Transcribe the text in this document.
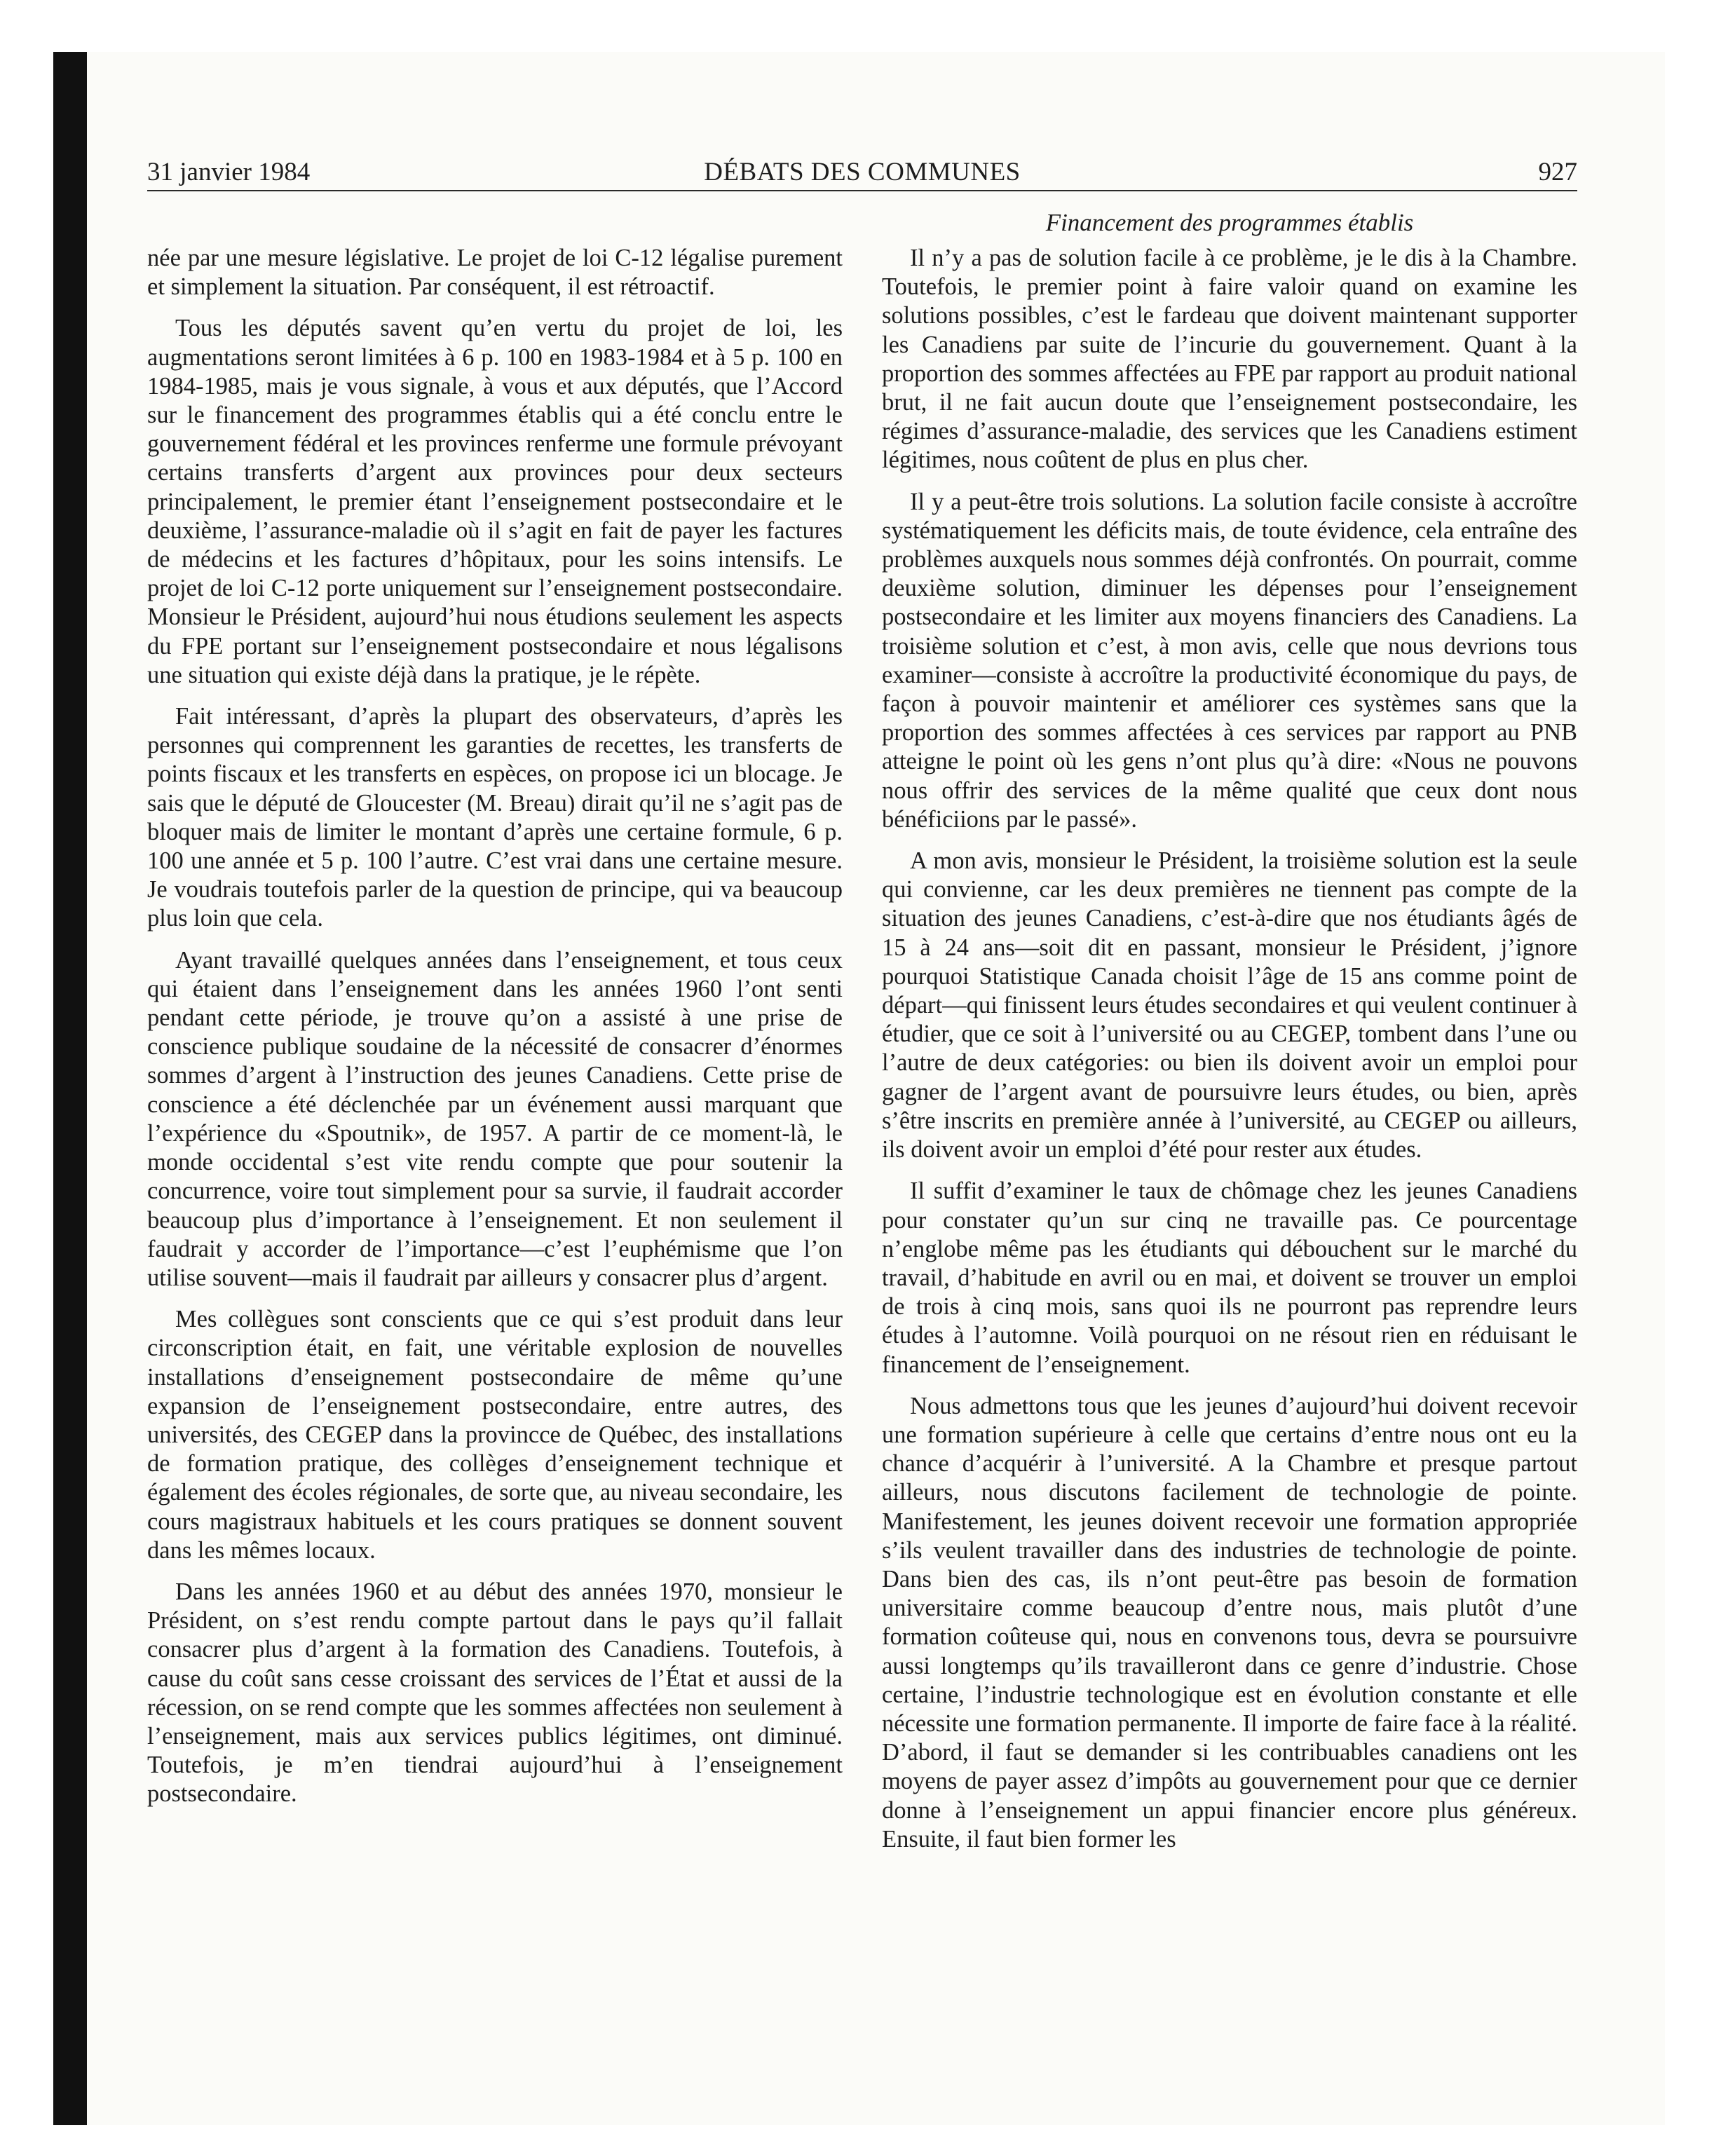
31 janvier 1984	DÉBATS DES COMMUNES	927
Financement des programmes établis

née par une mesure législative. Le projet de loi C-12 légalise purement et simplement la situation. Par conséquent, il est rétroactif.

Tous les députés savent qu’en vertu du projet de loi, les augmentations seront limitées à 6 p. 100 en 1983-1984 et à 5 p. 100 en 1984-1985, mais je vous signale, à vous et aux députés, que l’Accord sur le financement des programmes établis qui a été conclu entre le gouvernement fédéral et les provinces renferme une formule prévoyant certains transferts d’argent aux provinces pour deux secteurs principalement, le premier étant l’enseignement postsecondaire et le deuxième, l’assurance-maladie où il s’agit en fait de payer les factures de médecins et les factures d’hôpitaux, pour les soins intensifs. Le projet de loi C-12 porte uniquement sur l’enseignement postsecondaire. Monsieur le Président, aujourd’hui nous étudions seulement les aspects du FPE portant sur l’enseignement postsecondaire et nous légalisons une situation qui existe déjà dans la pratique, je le répète.

Fait intéressant, d’après la plupart des observateurs, d’après les personnes qui comprennent les garanties de recettes, les transferts de points fiscaux et les transferts en espèces, on propose ici un blocage. Je sais que le député de Gloucester (M. Breau) dirait qu’il ne s’agit pas de bloquer mais de limiter le montant d’après une certaine formule, 6 p. 100 une année et 5 p. 100 l’autre. C’est vrai dans une certaine mesure. Je voudrais toutefois parler de la question de principe, qui va beaucoup plus loin que cela.

Ayant travaillé quelques années dans l’enseignement, et tous ceux qui étaient dans l’enseignement dans les années 1960 l’ont senti pendant cette période, je trouve qu’on a assisté à une prise de conscience publique soudaine de la nécessité de consacrer d’énormes sommes d’argent à l’instruction des jeunes Canadiens. Cette prise de conscience a été déclenchée par un événement aussi marquant que l’expérience du «Spoutnik», de 1957. A partir de ce moment-là, le monde occidental s’est vite rendu compte que pour soutenir la concurrence, voire tout simplement pour sa survie, il faudrait accorder beaucoup plus d’importance à l’enseignement. Et non seulement il faudrait y accorder de l’importance—c’est l’euphémisme que l’on utilise souvent—mais il faudrait par ailleurs y consacrer plus d’argent.

Mes collègues sont conscients que ce qui s’est produit dans leur circonscription était, en fait, une véritable explosion de nouvelles installations d’enseignement postsecondaire de même qu’une expansion de l’enseignement postsecondaire, entre autres, des universités, des CEGEP dans la provincce de Québec, des installations de formation pratique, des collèges d’enseignement technique et également des écoles régionales, de sorte que, au niveau secondaire, les cours magistraux habituels et les cours pratiques se donnent souvent dans les mêmes locaux.

Dans les années 1960 et au début des années 1970, monsieur le Président, on s’est rendu compte partout dans le pays qu’il fallait consacrer plus d’argent à la formation des Canadiens. Toutefois, à cause du coût sans cesse croissant des services de l’État et aussi de la récession, on se rend compte que les sommes affectées non seulement à l’enseignement, mais aux services publics légitimes, ont diminué. Toutefois, je m’en tiendrai aujourd’hui à l’enseignement postsecondaire.

Il n’y a pas de solution facile à ce problème, je le dis à la Chambre. Toutefois, le premier point à faire valoir quand on examine les solutions possibles, c’est le fardeau que doivent maintenant supporter les Canadiens par suite de l’incurie du gouvernement. Quant à la proportion des sommes affectées au FPE par rapport au produit national brut, il ne fait aucun doute que l’enseignement postsecondaire, les régimes d’assurance-maladie, des services que les Canadiens estiment légitimes, nous coûtent de plus en plus cher.

Il y a peut-être trois solutions. La solution facile consiste à accroître systématiquement les déficits mais, de toute évidence, cela entraîne des problèmes auxquels nous sommes déjà confrontés. On pourrait, comme deuxième solution, diminuer les dépenses pour l’enseignement postsecondaire et les limiter aux moyens financiers des Canadiens. La troisième solution et c’est, à mon avis, celle que nous devrions tous examiner—consiste à accroître la productivité économique du pays, de façon à pouvoir maintenir et améliorer ces systèmes sans que la proportion des sommes affectées à ces services par rapport au PNB atteigne le point où les gens n’ont plus qu’à dire: «Nous ne pouvons nous offrir des services de la même qualité que ceux dont nous bénéficiions par le passé».

A mon avis, monsieur le Président, la troisième solution est la seule qui convienne, car les deux premières ne tiennent pas compte de la situation des jeunes Canadiens, c’est-à-dire que nos étudiants âgés de 15 à 24 ans—soit dit en passant, monsieur le Président, j’ignore pourquoi Statistique Canada choisit l’âge de 15 ans comme point de départ—qui finissent leurs études secondaires et qui veulent continuer à étudier, que ce soit à l’université ou au CEGEP, tombent dans l’une ou l’autre de deux catégories: ou bien ils doivent avoir un emploi pour gagner de l’argent avant de poursuivre leurs études, ou bien, après s’être inscrits en première année à l’université, au CEGEP ou ailleurs, ils doivent avoir un emploi d’été pour rester aux études.

Il suffit d’examiner le taux de chômage chez les jeunes Canadiens pour constater qu’un sur cinq ne travaille pas. Ce pourcentage n’englobe même pas les étudiants qui débouchent sur le marché du travail, d’habitude en avril ou en mai, et doivent se trouver un emploi de trois à cinq mois, sans quoi ils ne pourront pas reprendre leurs études à l’automne. Voilà pourquoi on ne résout rien en réduisant le financement de l’enseignement.

Nous admettons tous que les jeunes d’aujourd’hui doivent recevoir une formation supérieure à celle que certains d’entre nous ont eu la chance d’acquérir à l’université. A la Chambre et presque partout ailleurs, nous discutons facilement de technologie de pointe. Manifestement, les jeunes doivent recevoir une formation appropriée s’ils veulent travailler dans des industries de technologie de pointe. Dans bien des cas, ils n’ont peut-être pas besoin de formation universitaire comme beaucoup d’entre nous, mais plutôt d’une formation coûteuse qui, nous en convenons tous, devra se poursuivre aussi longtemps qu’ils travailleront dans ce genre d’industrie. Chose certaine, l’industrie technologique est en évolution constante et elle nécessite une formation permanente. Il importe de faire face à la réalité. D’abord, il faut se demander si les contribuables canadiens ont les moyens de payer assez d’impôts au gouvernement pour que ce dernier donne à l’enseignement un appui financier encore plus généreux. Ensuite, il faut bien former les
